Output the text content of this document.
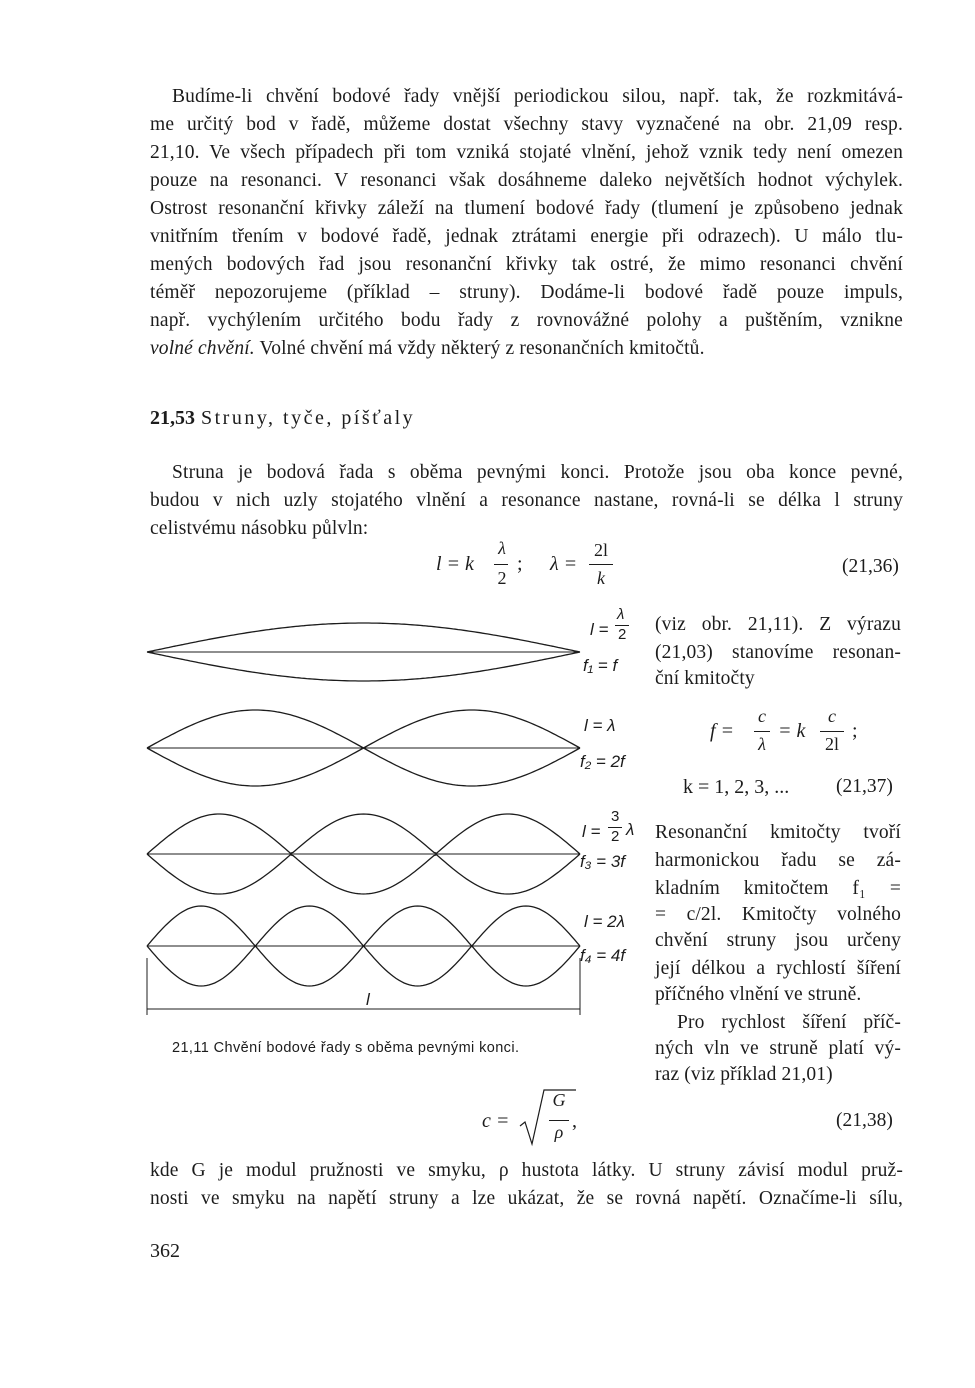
Budíme-li chvění bodové řady vnější periodickou silou, např. tak, že rozkmitává-
me určitý bod v řadě, můžeme dostat všechny stavy vyznačené na obr. 21,09 resp.
21,10. Ve všech případech při tom vzniká stojaté vlnění, jehož vznik tedy není omezen
pouze na resonanci. V resonanci však dosáhneme daleko největších hodnot výchylek.
Ostrost resonanční křivky záleží na tlumení bodové řady (tlumení je způsobeno jednak
vnitřním třením v bodové řadě, jednak ztrátami energie při odrazech). U málo tlu-
mených bodových řad jsou resonanční křivky tak ostré, že mimo resonanci chvění
téměř nepozorujeme (příklad – struny). Dodáme-li bodové řadě pouze impuls,
např. vychýlením určitého bodu řady z rovnovážné polohy a puštěním, vznikne
volné chvění. Volné chvění má vždy některý z resonančních kmitočtů.
21,53 Struny, tyče, píšťaly
Struna je bodová řada s oběma pevnými konci. Protože jsou oba konce pevné,
budou v nich uzly stojatého vlnění a resonance nastane, rovná-li se délka l struny
celistvému násobku půlvln:
l = k
λ
2
; λ =
2l
k
(21,36)
l
l =
λ
2
f₁ = f
l = λ
f₂ = 2f
l =
3
2 λ
f₃ = 3f
l = 2λ
f₄ = 4f
21,11 Chvění bodové řady s oběma pevnými konci.
(viz obr. 21,11). Z výrazu
(21,03) stanovíme resonan-
ční kmitočty
f =
c
λ
= k
c
2l
;
k = 1, 2, 3, ... (21,37)
Resonanční kmitočty tvoří
harmonickou řadu se zá-
kladním kmitočtem f₁ =
= c/2l. Kmitočty volného
chvění struny jsou určeny
její délkou a rychlostí šíření
příčného vlnění ve struně.
Pro rychlost šíření příč-
ných vln ve struně platí vý-
raz (viz příklad 21,01)
c =
G
ρ ,	(21,38)
kde G je modul pružnosti ve smyku, ρ hustota látky. U struny závisí modul pruž-
nosti ve smyku na napětí struny a lze ukázat, že se rovná napětí. Označíme-li sílu,
362
